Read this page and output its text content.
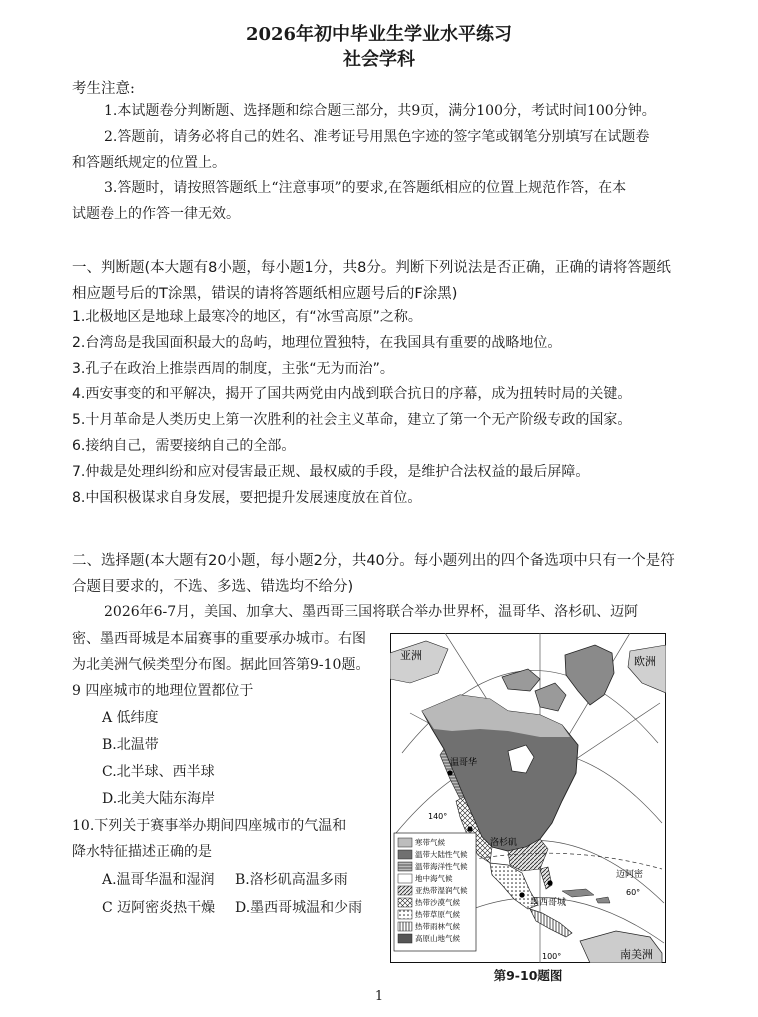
2026年初中毕业生学业水平练习
社会学科
考生注意:
1.本试题卷分判断题、选择题和综合题三部分，共9页，满分100分，考试时间100分钟。
2.答题前，请务必将自己的姓名、准考证号用黑色字迹的签字笔或钢笔分别填写在试题卷
和答题纸规定的位置上。
3.答题时，请按照答题纸上“注意事项”的要求,在答题纸相应的位置上规范作答，在本
试题卷上的作答一律无效。
一、判断题(本大题有8小题，每小题1分，共8分。判断下列说法是否正确，正确的请将答题纸
相应题号后的T涂黑，错误的请将答题纸相应题号后的F涂黑)
1.北极地区是地球上最寒冷的地区，有“冰雪高原”之称。
2.台湾岛是我国面积最大的岛屿，地理位置独特，在我国具有重要的战略地位。
3.孔子在政治上推崇西周的制度，主张“无为而治”。
4.西安事变的和平解决，揭开了国共两党由内战到联合抗日的序幕，成为扭转时局的关键。
5.十月革命是人类历史上第一次胜利的社会主义革命，建立了第一个无产阶级专政的国家。
6.接纳自己，需要接纳自己的全部。
7.仲裁是处理纠纷和应对侵害最正规、最权威的手段，是维护合法权益的最后屏障。
8.中国积极谋求自身发展，要把提升发展速度放在首位。
二、选择题(本大题有20小题，每小题2分，共40分。每小题列出的四个备选项中只有一个是符
合题目要求的，不选、多选、错选均不给分)
2026年6-7月，美国、加拿大、墨西哥三国将联合举办世界杯，温哥华、洛杉矶、迈阿
密、墨西哥城是本届赛事的重要承办城市。右图
为北美洲气候类型分布图。据此回答第9-10题。
9 四座城市的地理位置都位于
A 低纬度
B.北温带
C.北半球、西半球
D.北美大陆东海岸
10.下列关于赛事举办期间四座城市的气温和
降水特征描述正确的是
A.温哥华温和湿润 B.洛杉矶高温多雨
C 迈阿密炎热干燥 D.墨西哥城温和少雨
亚洲	欧洲
温哥华
洛杉矶
迈阿密
墨西哥城
南美洲
140°
100°
60°
寒带气候
温带大陆性气候
温带海洋性气候
地中海气候
亚热带湿润气候
热带沙漠气候
热带草原气候
热带雨林气候
高原山地气候
第9-10题图
1
